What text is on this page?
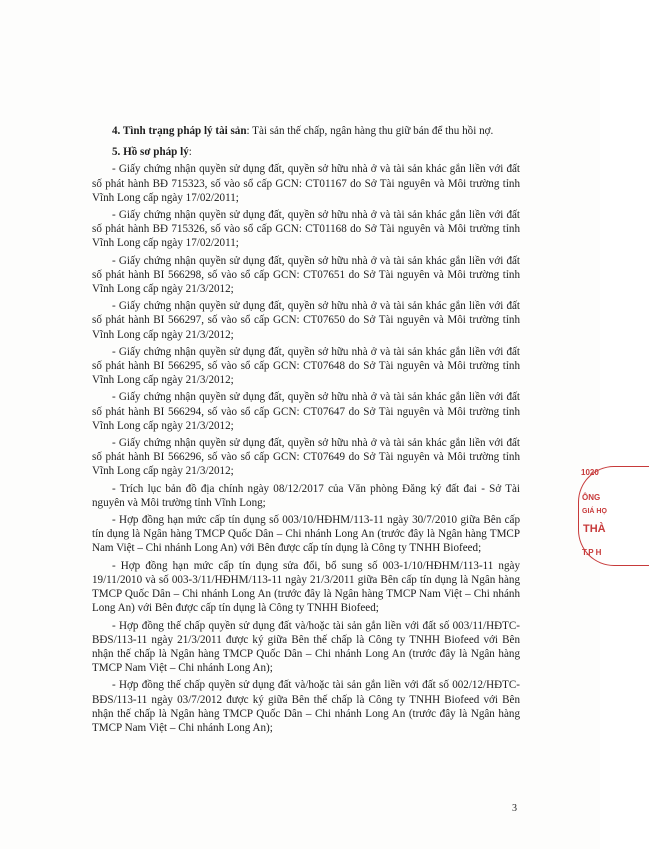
4. Tình trạng pháp lý tài sản: Tài sản thế chấp, ngân hàng thu giữ bán để thu hồi nợ.

5. Hồ sơ pháp lý:

- Giấy chứng nhận quyền sử dụng đất, quyền sở hữu nhà ở và tài sản khác gắn liền với đất số phát hành BĐ 715323, số vào sổ cấp GCN: CT01167 do Sở Tài nguyên và Môi trường tỉnh Vĩnh Long cấp ngày 17/02/2011;

- Giấy chứng nhận quyền sử dụng đất, quyền sở hữu nhà ở và tài sản khác gắn liền với đất số phát hành BĐ 715326, số vào sổ cấp GCN: CT01168 do Sở Tài nguyên và Môi trường tỉnh Vĩnh Long cấp ngày 17/02/2011;

- Giấy chứng nhận quyền sử dụng đất, quyền sở hữu nhà ở và tài sản khác gắn liền với đất số phát hành BI 566298, số vào sổ cấp GCN: CT07651 do Sở Tài nguyên và Môi trường tỉnh Vĩnh Long cấp ngày 21/3/2012;

- Giấy chứng nhận quyền sử dụng đất, quyền sở hữu nhà ở và tài sản khác gắn liền với đất số phát hành BI 566297, số vào sổ cấp GCN: CT07650 do Sở Tài nguyên và Môi trường tỉnh Vĩnh Long cấp ngày 21/3/2012;

- Giấy chứng nhận quyền sử dụng đất, quyền sở hữu nhà ở và tài sản khác gắn liền với đất số phát hành BI 566295, số vào sổ cấp GCN: CT07648 do Sở Tài nguyên và Môi trường tỉnh Vĩnh Long cấp ngày 21/3/2012;

- Giấy chứng nhận quyền sử dụng đất, quyền sở hữu nhà ở và tài sản khác gắn liền với đất số phát hành BI 566294, số vào sổ cấp GCN: CT07647 do Sở Tài nguyên và Môi trường tỉnh Vĩnh Long cấp ngày 21/3/2012;

- Giấy chứng nhận quyền sử dụng đất, quyền sở hữu nhà ở và tài sản khác gắn liền với đất số phát hành BI 566296, số vào sổ cấp GCN: CT07649 do Sở Tài nguyên và Môi trường tỉnh Vĩnh Long cấp ngày 21/3/2012;

- Trích lục bản đồ địa chính ngày 08/12/2017 của Văn phòng Đăng ký đất đai - Sở Tài nguyên và Môi trường tỉnh Vĩnh Long;

- Hợp đồng hạn mức cấp tín dụng số 003/10/HĐHM/113-11 ngày 30/7/2010 giữa Bên cấp tín dụng là Ngân hàng TMCP Quốc Dân – Chi nhánh Long An (trước đây là Ngân hàng TMCP Nam Việt – Chi nhánh Long An) với Bên được cấp tín dụng là Công ty TNHH Biofeed;

- Hợp đồng hạn mức cấp tín dụng sửa đổi, bổ sung số 003-1/10/HĐHM/113-11 ngày 19/11/2010 và số 003-3/11/HĐHM/113-11 ngày 21/3/2011 giữa Bên cấp tín dụng là Ngân hàng TMCP Quốc Dân – Chi nhánh Long An (trước đây là Ngân hàng TMCP Nam Việt – Chi nhánh Long An) với Bên được cấp tín dụng là Công ty TNHH Biofeed;

- Hợp đồng thế chấp quyền sử dụng đất và/hoặc tài sản gắn liền với đất số 003/11/HĐTC-BĐS/113-11 ngày 21/3/2011 được ký giữa Bên thế chấp là Công ty TNHH Biofeed với Bên nhận thế chấp là Ngân hàng TMCP Quốc Dân – Chi nhánh Long An (trước đây là Ngân hàng TMCP Nam Việt – Chi nhánh Long An);

- Hợp đồng thế chấp quyền sử dụng đất và/hoặc tài sản gắn liền với đất số 002/12/HĐTC-BĐS/113-11 ngày 03/7/2012 được ký giữa Bên thế chấp là Công ty TNHH Biofeed với Bên nhận thế chấp là Ngân hàng TMCP Quốc Dân – Chi nhánh Long An (trước đây là Ngân hàng TMCP Nam Việt – Chi nhánh Long An);

1020
ÔNG
GIÁ HỌ
THÀ
T.P H
3
